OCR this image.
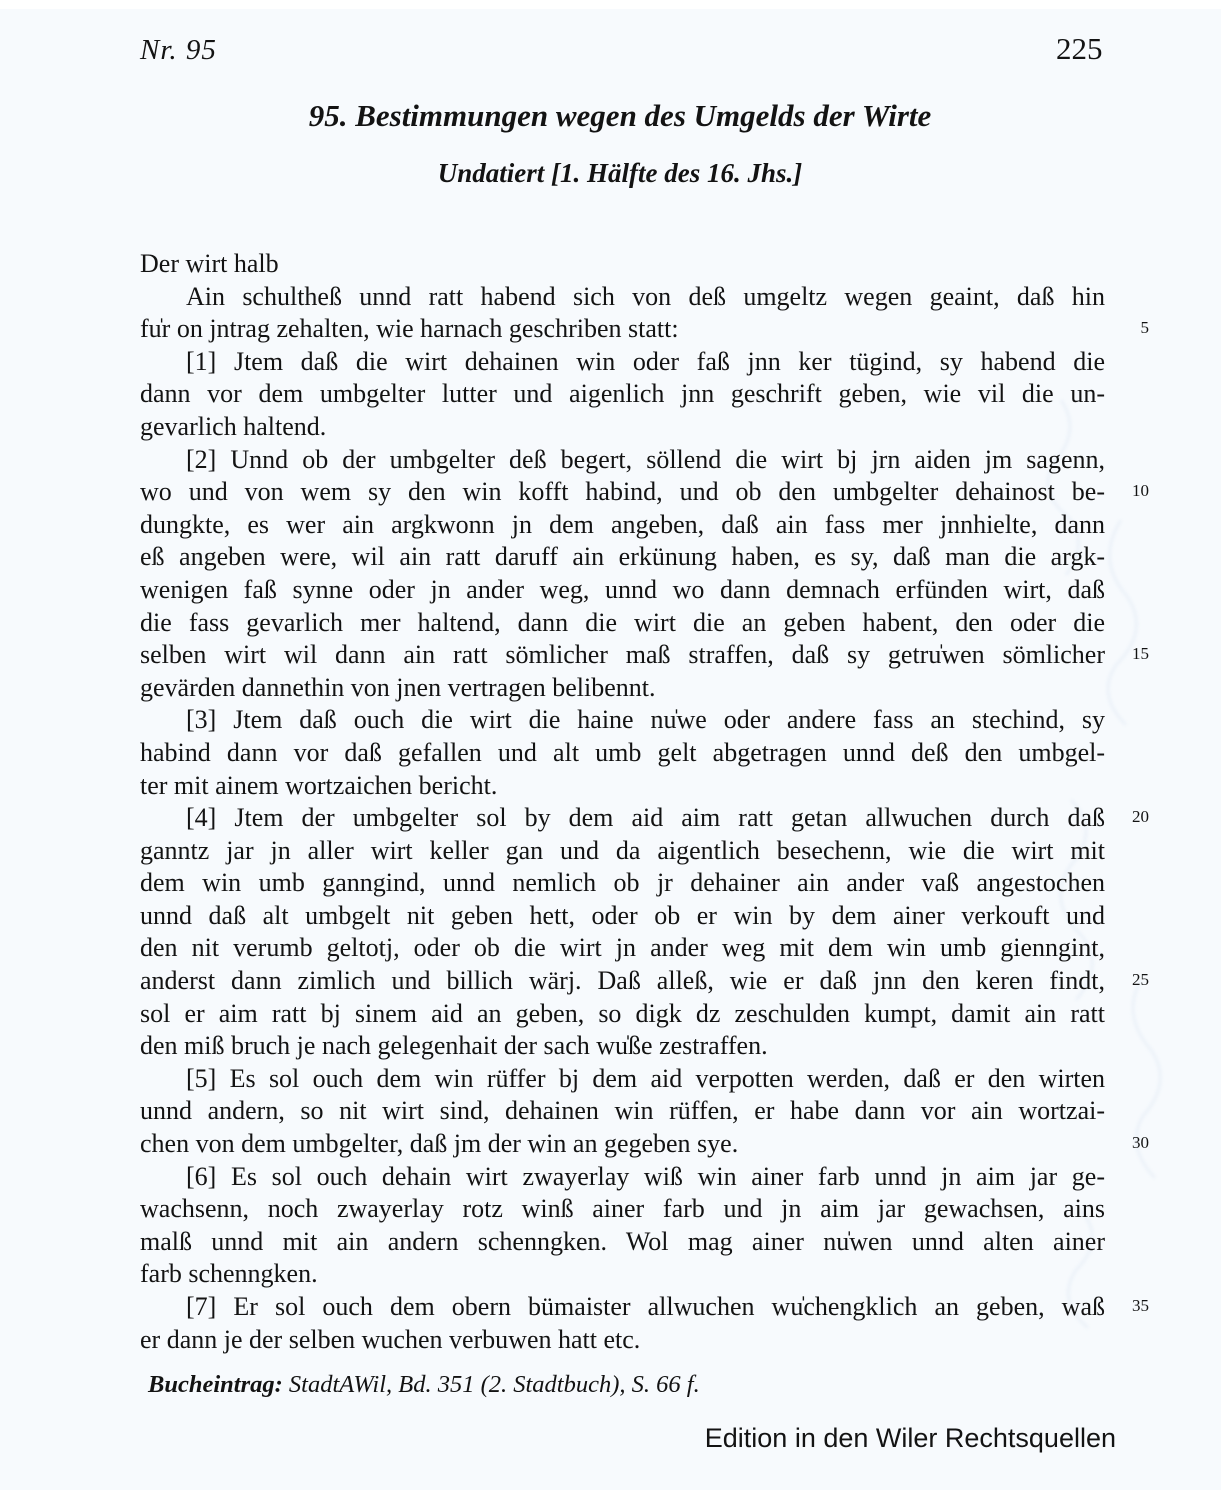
Nr. 95	225
95. Bestimmungen wegen des Umgelds der Wirte
Undatiert [1. Hälfte des 16. Jhs.]
Der wirt halb
Ain schultheß unnd ratt habend sich von deß umgeltz wegen geaint, daß hin
fu̍r on jntrag zehalten, wie harnach geschriben statt:	5
[1] Jtem daß die wirt dehainen win oder faß jnn ker tügind, sy habend die
dann vor dem umbgelter lutter und aigenlich jnn geschrift geben, wie vil die un-
gevarlich haltend.
[2] Unnd ob der umbgelter deß begert, söllend die wirt bj jrn aiden jm sagenn,
wo und von wem sy den win kofft habind, und ob den umbgelter dehainost be- 10
dungkte, es wer ain argkwonn jn dem angeben, daß ain fass mer jnnhielte, dann
eß angeben were, wil ain ratt daruff ain erkünung haben, es sy, daß man die argk-
wenigen faß synne oder jn ander weg, unnd wo dann demnach erfünden wirt, daß
die fass gevarlich mer haltend, dann die wirt die an geben habent, den oder die
selben wirt wil dann ain ratt sömlicher maß straffen, daß sy getru̍wen sömlicher 15
gevärden dannethin von jnen vertragen belibennt.
[3] Jtem daß ouch die wirt die haine nu̍we oder andere fass an stechind, sy
habind dann vor daß gefallen und alt umb gelt abgetragen unnd deß den umbgel-
ter mit ainem wortzaichen bericht.
[4] Jtem der umbgelter sol by dem aid aim ratt getan allwuchen durch daß 20
ganntz jar jn aller wirt keller gan und da aigentlich besechenn, wie die wirt mit
dem win umb ganngind, unnd nemlich ob jr dehainer ain ander vaß angestochen
unnd daß alt umbgelt nit geben hett, oder ob er win by dem ainer verkouft und
den nit verumb geltotj, oder ob die wirt jn ander weg mit dem win umb gienngint,
anderst dann zimlich und billich wärj. Daß alleß, wie er daß jnn den keren findt, 25
sol er aim ratt bj sinem aid an geben, so digk dz zeschulden kumpt, damit ain ratt
den miß bruch je nach gelegenhait der sach wu̍ße zestraffen.
[5] Es sol ouch dem win rüffer bj dem aid verpotten werden, daß er den wirten
unnd andern, so nit wirt sind, dehainen win rüffen, er habe dann vor ain wortzai-
chen von dem umbgelter, daß jm der win an gegeben sye.	30
[6] Es sol ouch dehain wirt zwayerlay wiß win ainer farb unnd jn aim jar ge-
wachsenn, noch zwayerlay rotz winß ainer farb und jn aim jar gewachsen, ains
malß unnd mit ain andern schenngken. Wol mag ainer nu̍wen unnd alten ainer
farb schenngken.
[7] Er sol ouch dem obern bümaister allwuchen wu̍chengklich an geben, waß 35
er dann je der selben wuchen verbuwen hatt etc.
Bucheintrag: StadtAWil, Bd. 351 (2. Stadtbuch), S. 66 f.
Edition in den Wiler Rechtsquellen
